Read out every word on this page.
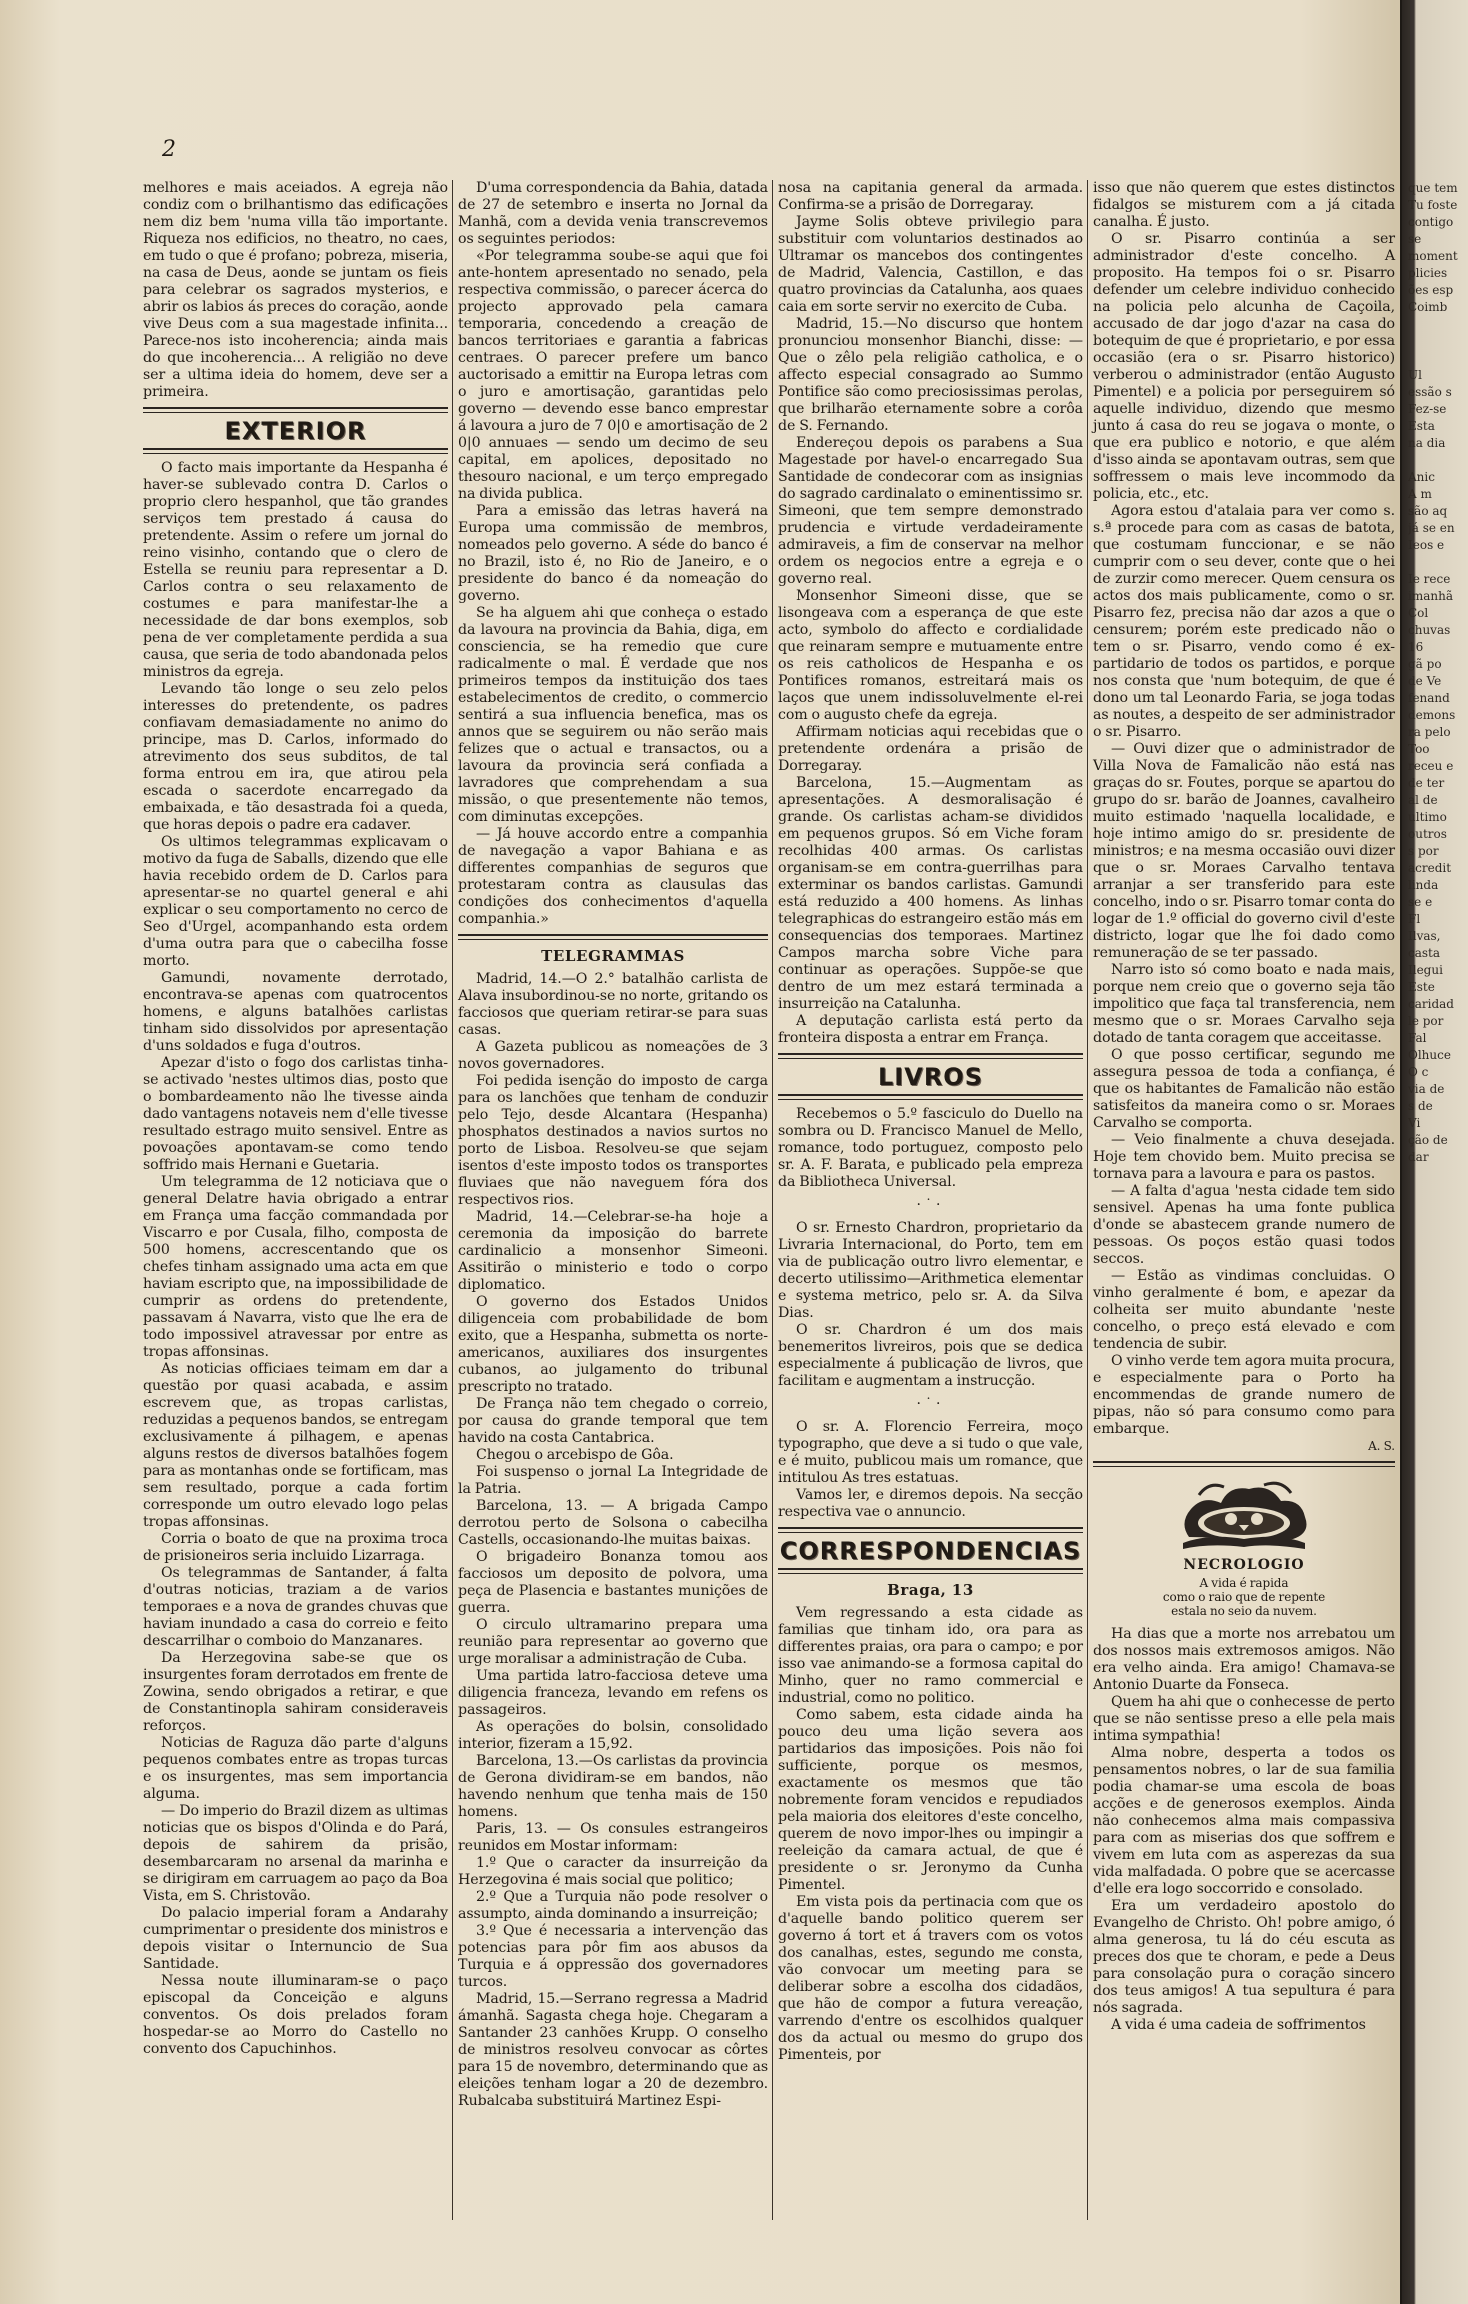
2

melhores e mais aceiados. A egreja não condiz com o brilhantismo das edificações nem diz bem 'numa villa tão importante. Riqueza nos edificios, no theatro, no caes, em tudo o que é profano; pobreza, miseria, na casa de Deus, aonde se juntam os fieis para celebrar os sagrados mysterios, e abrir os labios ás preces do coração, aonde vive Deus com a sua magestade infinita... Parece-nos isto incoherencia; ainda mais do que incoherencia... A religião no deve ser a ultima ideia do homem, deve ser a primeira.

EXTERIOR

O facto mais importante da Hespanha é haver-se sublevado contra D. Carlos o proprio clero hespanhol, que tão grandes serviços tem prestado á causa do pretendente. Assim o refere um jornal do reino visinho, contando que o clero de Estella se reuniu para representar a D. Carlos contra o seu relaxamento de costumes e para manifestar-lhe a necessidade de dar bons exemplos, sob pena de ver completamente perdida a sua causa, que seria de todo abandonada pelos ministros da egreja.

Levando tão longe o seu zelo pelos interesses do pretendente, os padres confiavam demasiadamente no animo do principe, mas D. Carlos, informado do atrevimento dos seus subditos, de tal forma entrou em ira, que atirou pela escada o sacerdote encarregado da embaixada, e tão desastrada foi a queda, que horas depois o padre era cadaver.

Os ultimos telegrammas explicavam o motivo da fuga de Saballs, dizendo que elle havia recebido ordem de D. Carlos para apresentar-se no quartel general e ahi explicar o seu comportamento no cerco de Seo d'Urgel, acompanhando esta ordem d'uma outra para que o cabecilha fosse morto.

Gamundi, novamente derrotado, encontrava-se apenas com quatrocentos homens, e alguns batalhões carlistas tinham sido dissolvidos por apresentação d'uns soldados e fuga d'outros.

Apezar d'isto o fogo dos carlistas tinha-se activado 'nestes ultimos dias, posto que o bombardeamento não lhe tivesse ainda dado vantagens notaveis nem d'elle tivesse resultado estrago muito sensivel. Entre as povoações apontavam-se como tendo soffrido mais Hernani e Guetaria.

Um telegramma de 12 noticiava que o general Delatre havia obrigado a entrar em França uma facção commandada por Viscarro e por Cusala, filho, composta de 500 homens, accrescentando que os chefes tinham assignado uma acta em que haviam escripto que, na impossibilidade de cumprir as ordens do pretendente, passavam á Navarra, visto que lhe era de todo impossivel atravessar por entre as tropas affonsinas.

As noticias officiaes teimam em dar a questão por quasi acabada, e assim escrevem que, as tropas carlistas, reduzidas a pequenos bandos, se entregam exclusivamente á pilhagem, e apenas alguns restos de diversos batalhões fogem para as montanhas onde se fortificam, mas sem resultado, porque a cada fortim corresponde um outro elevado logo pelas tropas affonsinas.

Corria o boato de que na proxima troca de prisioneiros seria incluido Lizarraga.

Os telegrammas de Santander, á falta d'outras noticias, traziam a de varios temporaes e a nova de grandes chuvas que haviam inundado a casa do correio e feito descarrilhar o comboio do Manzanares.

Da Herzegovina sabe-se que os insurgentes foram derrotados em frente de Zowina, sendo obrigados a retirar, e que de Constantinopla sahiram consideraveis reforços.

Noticias de Raguza dão parte d'alguns pequenos combates entre as tropas turcas e os insurgentes, mas sem importancia alguma.

— Do imperio do Brazil dizem as ultimas noticias que os bispos d'Olinda e do Pará, depois de sahirem da prisão, desembarcaram no arsenal da marinha e se dirigiram em carruagem ao paço da Boa Vista, em S. Christovão.

Do palacio imperial foram a Andarahy cumprimentar o presidente dos ministros e depois visitar o Internuncio de Sua Santidade.

Nessa noute illuminaram-se o paço episcopal da Conceição e alguns conventos. Os dois prelados foram hospedar-se ao Morro do Castello no convento dos Capuchinhos.

D'uma correspondencia da Bahia, datada de 27 de setembro e inserta no Jornal da Manhã, com a devida venia transcrevemos os seguintes periodos:

«Por telegramma soube-se aqui que foi ante-hontem apresentado no senado, pela respectiva commissão, o parecer ácerca do projecto approvado pela camara temporaria, concedendo a creação de bancos territoriaes e garantia a fabricas centraes. O parecer prefere um banco auctorisado a emittir na Europa letras com o juro e amortisação, garantidas pelo governo — devendo esse banco emprestar á lavoura a juro de 7 0|0 e amortisação de 2 0|0 annuaes — sendo um decimo de seu capital, em apolices, depositado no thesouro nacional, e um terço empregado na divida publica.

Para a emissão das letras haverá na Europa uma commissão de membros, nomeados pelo governo. A séde do banco é no Brazil, isto é, no Rio de Janeiro, e o presidente do banco é da nomeação do governo.

Se ha alguem ahi que conheça o estado da lavoura na provincia da Bahia, diga, em consciencia, se ha remedio que cure radicalmente o mal. É verdade que nos primeiros tempos da instituição dos taes estabelecimentos de credito, o commercio sentirá a sua influencia benefica, mas os annos que se seguirem ou não serão mais felizes que o actual e transactos, ou a lavoura da provincia será confiada a lavradores que comprehendam a sua missão, o que presentemente não temos, com diminutas excepções.

— Já houve accordo entre a companhia de navegação a vapor Bahiana e as differentes companhias de seguros que protestaram contra as clausulas das condições dos conhecimentos d'aquella companhia.»

TELEGRAMMAS

Madrid, 14.—O 2.° batalhão carlista de Alava insubordinou-se no norte, gritando os facciosos que queriam retirar-se para suas casas.

A Gazeta publicou as nomeações de 3 novos governadores.

Foi pedida isenção do imposto de carga para os lanchões que tenham de conduzir pelo Tejo, desde Alcantara (Hespanha) phosphatos destinados a navios surtos no porto de Lisboa. Resolveu-se que sejam isentos d'este imposto todos os transportes fluviaes que não naveguem fóra dos respectivos rios.

Madrid, 14.—Celebrar-se-ha hoje a ceremonia da imposição do barrete cardinalicio a monsenhor Simeoni. Assitirão o ministerio e todo o corpo diplomatico.

O governo dos Estados Unidos diligenceia com probabilidade de bom exito, que a Hespanha, submetta os norte-americanos, auxiliares dos insurgentes cubanos, ao julgamento do tribunal prescripto no tratado.

De França não tem chegado o correio, por causa do grande temporal que tem havido na costa Cantabrica.

Chegou o arcebispo de Gôa.

Foi suspenso o jornal La Integridade de la Patria.

Barcelona, 13. — A brigada Campo derrotou perto de Solsona o cabecilha Castells, occasionando-lhe muitas baixas.

O brigadeiro Bonanza tomou aos facciosos um deposito de polvora, uma peça de Plasencia e bastantes munições de guerra.

O circulo ultramarino prepara uma reunião para representar ao governo que urge moralisar a administração de Cuba.

Uma partida latro-facciosa deteve uma diligencia franceza, levando em refens os passageiros.

As operações do bolsin, consolidado interior, fizeram a 15,92.

Barcelona, 13.—Os carlistas da provincia de Gerona dividiram-se em bandos, não havendo nenhum que tenha mais de 150 homens.

Paris, 13. — Os consules estrangeiros reunidos em Mostar informam:

1.º Que o caracter da insurreição da Herzegovina é mais social que politico;

2.º Que a Turquia não pode resolver o assumpto, ainda dominando a insurreição;

3.º Que é necessaria a intervenção das potencias para pôr fim aos abusos da Turquia e á oppressão dos governadores turcos.

Madrid, 15.—Serrano regressa a Madrid ámanhã. Sagasta chega hoje. Chegaram a Santander 23 canhões Krupp. O conselho de ministros resolveu convocar as côrtes para 15 de novembro, determinando que as eleições tenham logar a 20 de dezembro. Rubalcaba substituirá Martinez Espi-

nosa na capitania general da armada. Confirma-se a prisão de Dorregaray.

Jayme Solis obteve privilegio para substituir com voluntarios destinados ao Ultramar os mancebos dos contingentes de Madrid, Valencia, Castillon, e das quatro provincias da Catalunha, aos quaes caia em sorte servir no exercito de Cuba.

Madrid, 15.—No discurso que hontem pronunciou monsenhor Bianchi, disse: — Que o zêlo pela religião catholica, e o affecto especial consagrado ao Summo Pontifice são como preciosissimas perolas, que brilharão eternamente sobre a corôa de S. Fernando.

Endereçou depois os parabens a Sua Magestade por havel-o encarregado Sua Santidade de condecorar com as insignias do sagrado cardinalato o eminentissimo sr. Simeoni, que tem sempre demonstrado prudencia e virtude verdadeiramente admiraveis, a fim de conservar na melhor ordem os negocios entre a egreja e o governo real.

Monsenhor Simeoni disse, que se lisongeava com a esperança de que este acto, symbolo do affecto e cordialidade que reinaram sempre e mutuamente entre os reis catholicos de Hespanha e os Pontifices romanos, estreitará mais os laços que unem indissoluvelmente el-rei com o augusto chefe da egreja.

Affirmam noticias aqui recebidas que o pretendente ordenára a prisão de Dorregaray.

Barcelona, 15.—Augmentam as apresentações. A desmoralisação é grande. Os carlistas acham-se divididos em pequenos grupos. Só em Viche foram recolhidas 400 armas. Os carlistas organisam-se em contra-guerrilhas para exterminar os bandos carlistas. Gamundi está reduzido a 400 homens. As linhas telegraphicas do estrangeiro estão más em consequencias dos temporaes. Martinez Campos marcha sobre Viche para continuar as operações. Suppõe-se que dentro de um mez estará terminada a insurreição na Catalunha.

A deputação carlista está perto da fronteira disposta a entrar em França.

LIVROS

Recebemos o 5.º fasciculo do Duello na sombra ou D. Francisco Manuel de Mello, romance, todo portuguez, composto pelo sr. A. F. Barata, e publicado pela empreza da Bibliotheca Universal.

·˙·

O sr. Ernesto Chardron, proprietario da Livraria Internacional, do Porto, tem em via de publicação outro livro elementar, e decerto utilissimo—Arithmetica elementar e systema metrico, pelo sr. A. da Silva Dias.

O sr. Chardron é um dos mais benemeritos livreiros, pois que se dedica especialmente á publicação de livros, que facilitam e augmentam a instrucção.

·˙·

O sr. A. Florencio Ferreira, moço typographo, que deve a si tudo o que vale, e é muito, publicou mais um romance, que intitulou As tres estatuas.

Vamos ler, e diremos depois. Na secção respectiva vae o annuncio.

CORRESPONDENCIAS
Braga, 13

Vem regressando a esta cidade as familias que tinham ido, ora para as differentes praias, ora para o campo; e por isso vae animando-se a formosa capital do Minho, quer no ramo commercial e industrial, como no politico.

Como sabem, esta cidade ainda ha pouco deu uma lição severa aos partidarios das imposições. Pois não foi sufficiente, porque os mesmos, exactamente os mesmos que tão nobremente foram vencidos e repudiados pela maioria dos eleitores d'este concelho, querem de novo impor-lhes ou impingir a reeleição da camara actual, de que é presidente o sr. Jeronymo da Cunha Pimentel.

Em vista pois da pertinacia com que os d'aquelle bando politico querem ser governo á tort et á travers com os votos dos canalhas, estes, segundo me consta, vão convocar um meeting para se deliberar sobre a escolha dos cidadãos, que hão de compor a futura vereação, varrendo d'entre os escolhidos qualquer dos da actual ou mesmo do grupo dos Pimenteis, por

isso que não querem que estes distinctos fidalgos se misturem com a já citada canalha. É justo.

O sr. Pisarro continúa a ser administrador d'este concelho. A proposito. Ha tempos foi o sr. Pisarro defender um celebre individuo conhecido na policia pelo alcunha de Caçoila, accusado de dar jogo d'azar na casa do botequim de que é proprietario, e por essa occasião (era o sr. Pisarro historico) verberou o administrador (então Augusto Pimentel) e a policia por perseguirem só aquelle individuo, dizendo que mesmo junto á casa do reu se jogava o monte, o que era publico e notorio, e que além d'isso ainda se apontavam outras, sem que soffressem o mais leve incommodo da policia, etc., etc.

Agora estou d'atalaia para ver como s. s.ª procede para com as casas de batota, que costumam funccionar, e se não cumprir com o seu dever, conte que o hei de zurzir como merecer. Quem censura os actos dos mais publicamente, como o sr. Pisarro fez, precisa não dar azos a que o censurem; porém este predicado não o tem o sr. Pisarro, vendo como é ex-partidario de todos os partidos, e porque nos consta que 'num botequim, de que é dono um tal Leonardo Faria, se joga todas as noutes, a despeito de ser administrador o sr. Pisarro.

— Ouvi dizer que o administrador de Villa Nova de Famalicão não está nas graças do sr. Foutes, porque se apartou do grupo do sr. barão de Joannes, cavalheiro muito estimado 'naquella localidade, e hoje intimo amigo do sr. presidente de ministros; e na mesma occasião ouvi dizer que o sr. Moraes Carvalho tentava arranjar a ser transferido para este concelho, indo o sr. Pisarro tomar conta do logar de 1.º official do governo civil d'este districto, logar que lhe foi dado como remuneração de se ter passado.

Narro isto só como boato e nada mais, porque nem creio que o governo seja tão impolitico que faça tal transferencia, nem mesmo que o sr. Moraes Carvalho seja dotado de tanta coragem que acceitasse.

O que posso certificar, segundo me assegura pessoa de toda a confiança, é que os habitantes de Famalicão não estão satisfeitos da maneira como o sr. Moraes Carvalho se comporta.

— Veio finalmente a chuva desejada. Hoje tem chovido bem. Muito precisa se tornava para a lavoura e para os pastos.

— A falta d'agua 'nesta cidade tem sido sensivel. Apenas ha uma fonte publica d'onde se abastecem grande numero de pessoas. Os poços estão quasi todos seccos.

— Estão as vindimas concluidas. O vinho geralmente é bom, e apezar da colheita ser muito abundante 'neste concelho, o preço está elevado e com tendencia de subir.

O vinho verde tem agora muita procura, e especialmente para o Porto ha encommendas de grande numero de pipas, não só para consumo como para embarque.

A. S.
NECROLOGIO
A vida é rapida
como o raio que de repente
estala no seio da nuvem.

Ha dias que a morte nos arrebatou um dos nossos mais extremosos amigos. Não era velho ainda. Era amigo! Chamava-se Antonio Duarte da Fonseca.

Quem ha ahi que o conhecesse de perto que se não sentisse preso a elle pela mais intima sympathia!

Alma nobre, desperta a todos os pensamentos nobres, o lar de sua familia podia chamar-se uma escola de boas acções e de generosos exemplos. Ainda não conhecemos alma mais compassiva para com as miserias dos que soffrem e vivem em luta com as asperezas da sua vida malfadada. O pobre que se acercasse d'elle era logo soccorrido e consolado.

Era um verdadeiro apostolo do Evangelho de Christo. Oh! pobre amigo, ó alma generosa, tu lá do céu escuta as preces dos que te choram, e pede a Deus para consolação pura o coração sincero dos teus amigos! A tua sepultura é para nós sagrada.

A vida é uma cadeia de soffrimentos

que tem
Tu foste
contigo
se
moment
plicies
ões esp
Coimb

Ul
essão s
Fez-se
Esta
na dia

Anic
A m
são aq
já se en
Ieos e

Ie rece
imanhã
Col
chuvas
16
gã po
de Ve
fenand
demons
ra pelo
Too
receu e
de ter
al de
ultimo
outros
s por
acredit
linda
se e
Fl
Ilvas,
casta
Ilegui
Este
caridad
le por
Fal
Olhuce
O c
via de
s de
Vi
ção de
dar
